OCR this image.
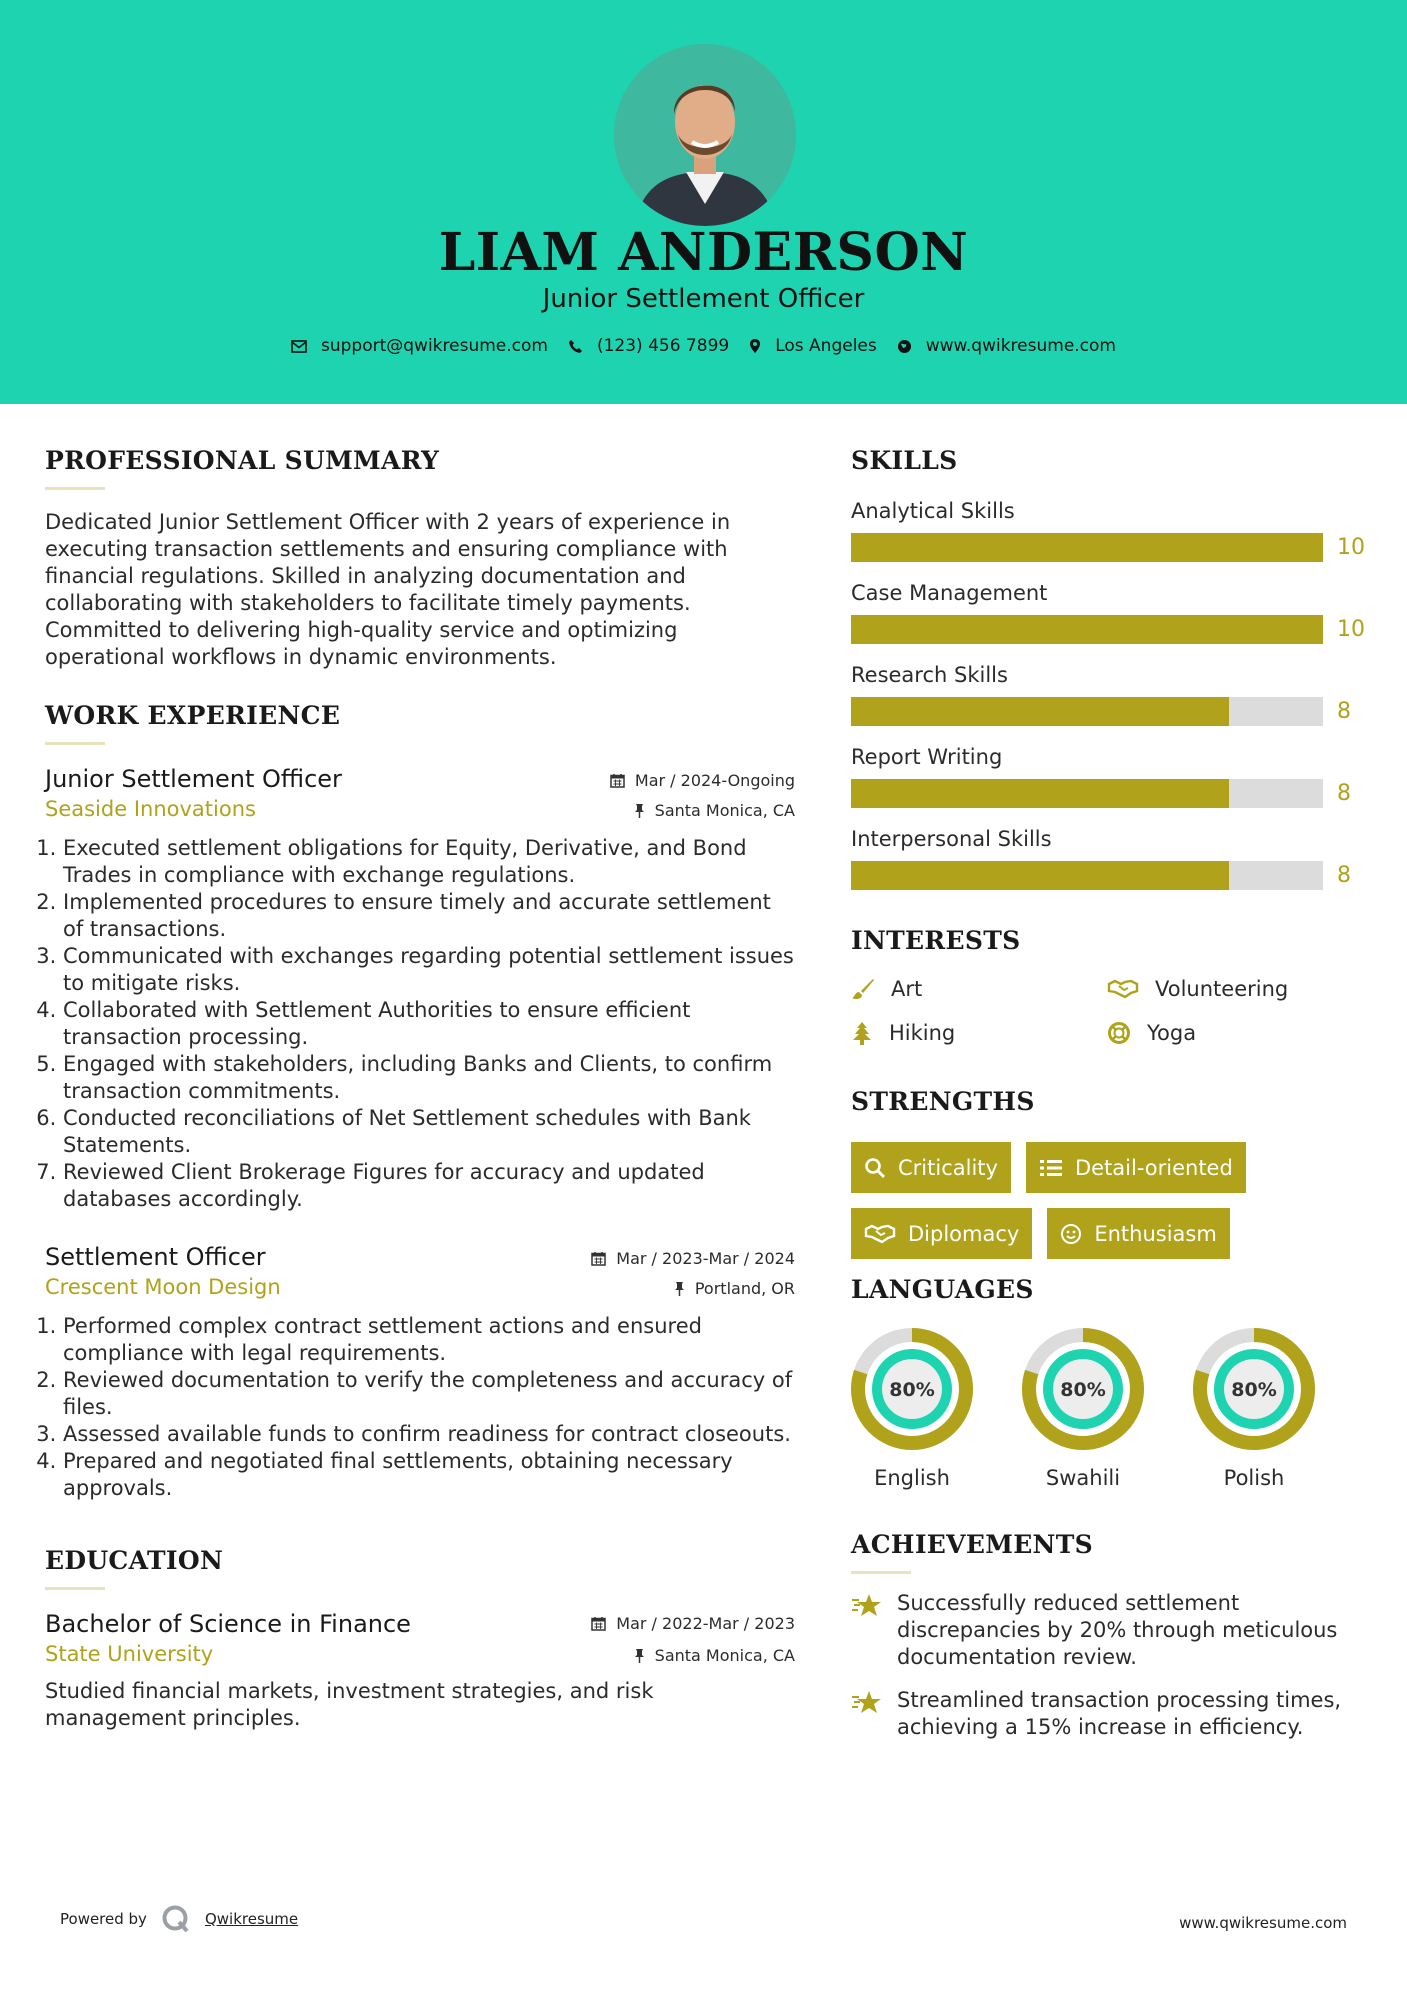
LIAM ANDERSON
Junior Settlement Officer
support@qwikresume.com	(123) 456 7899	Los Angeles	www.qwikresume.com
PROFESSIONAL SUMMARY

Dedicated Junior Settlement Officer with 2 years of experience in executing transaction settlements and ensuring compliance with financial regulations. Skilled in analyzing documentation and collaborating with stakeholders to facilitate timely payments. Committed to delivering high-quality service and optimizing operational workflows in dynamic environments.

WORK EXPERIENCE
Junior Settlement Officer	Mar / 2024-Ongoing
Seaside Innovations	Santa Monica, CA
1. Executed settlement obligations for Equity, Derivative, and Bond Trades in compliance with exchange regulations.
2. Implemented procedures to ensure timely and accurate settlement of transactions.
3. Communicated with exchanges regarding potential settlement issues to mitigate risks.
4. Collaborated with Settlement Authorities to ensure efficient transaction processing.
5. Engaged with stakeholders, including Banks and Clients, to confirm transaction commitments.
6. Conducted reconciliations of Net Settlement schedules with Bank Statements.
7. Reviewed Client Brokerage Figures for accuracy and updated databases accordingly.
Settlement Officer	Mar / 2023-Mar / 2024
Crescent Moon Design	Portland, OR
1. Performed complex contract settlement actions and ensured compliance with legal requirements.
2. Reviewed documentation to verify the completeness and accuracy of files.
3. Assessed available funds to confirm readiness for contract closeouts.
4. Prepared and negotiated final settlements, obtaining necessary approvals.
EDUCATION
Bachelor of Science in Finance	Mar / 2022-Mar / 2023
State University	Santa Monica, CA

Studied financial markets, investment strategies, and risk management principles.

SKILLS
Analytical Skills
10
Case Management
10
Research Skills
8
Report Writing
8
Interpersonal Skills
8
INTERESTS
Art	Volunteering
Hiking	Yoga
STRENGTHS
Criticality	Detail-oriented
Diplomacy	Enthusiasm
LANGUAGES
80%
English
80%
Swahili
80%
Polish
ACHIEVEMENTS
Successfully reduced settlement discrepancies by 20% through meticulous documentation review.
Streamlined transaction processing times, achieving a 15% increase in efficiency.
Powered by	Qwikresume	www.qwikresume.com
